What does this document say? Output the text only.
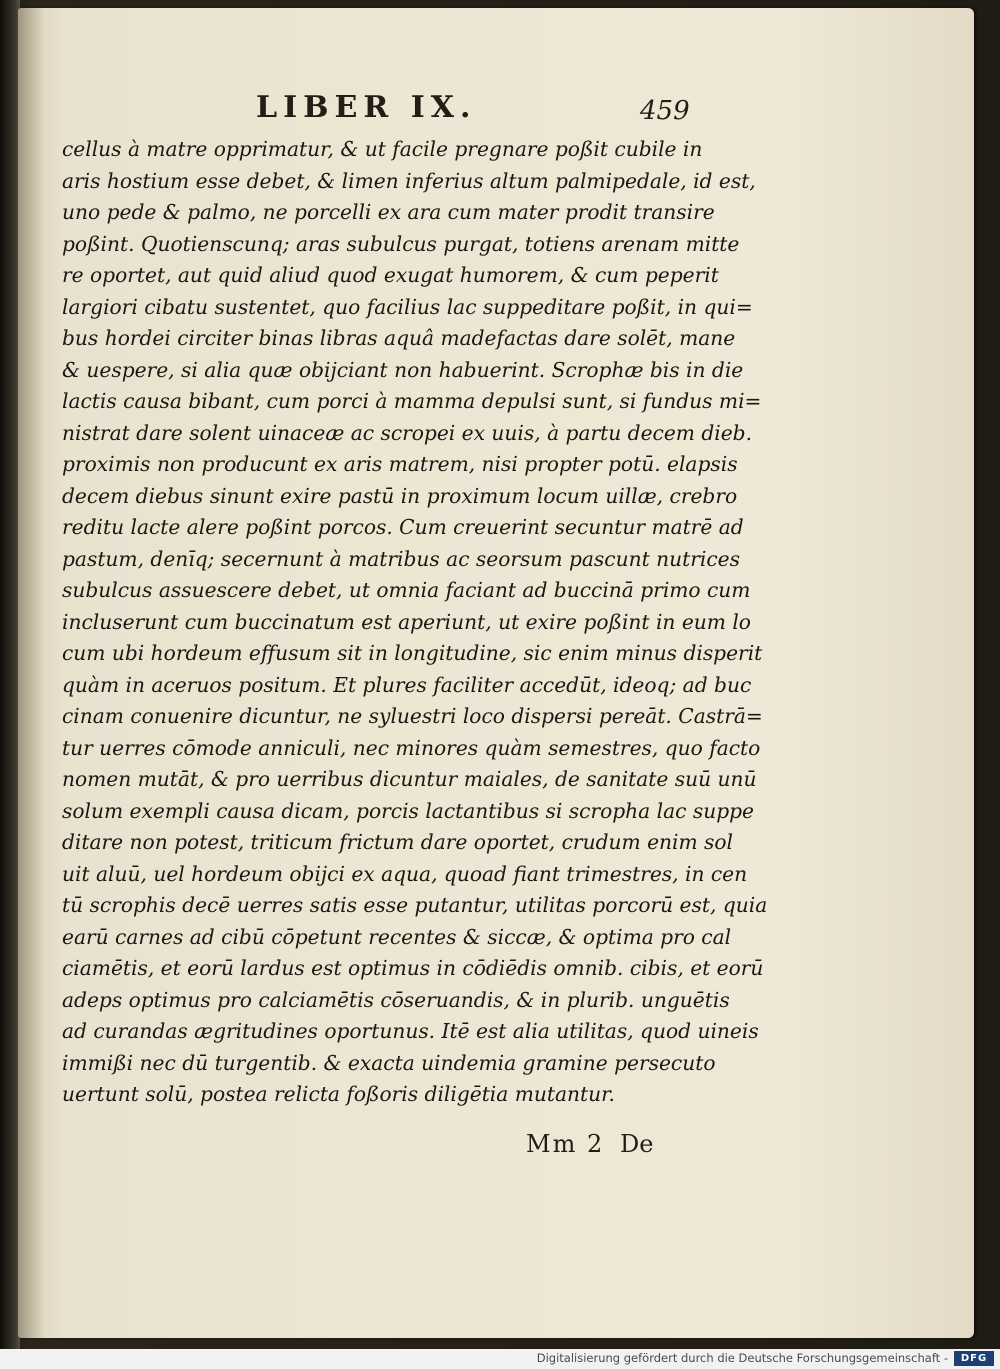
LIBER IX.	459
cellus à matre opprimatur, & ut facile pregnare poßit cubile in
aris hostium esse debet, & limen inferius altum palmipedale, id est,
uno pede & palmo, ne porcelli ex ara cum mater prodit transire
poßint. Quotienscunq; aras subulcus purgat, totiens arenam mitte
re oportet, aut quid aliud quod exugat humorem, & cum peperit
largiori cibatu sustentet, quo facilius lac suppeditare poßit, in qui=
bus hordei circiter binas libras aquâ madefactas dare solēt, mane
& uespere, si alia quæ obijciant non habuerint. Scrophæ bis in die
lactis causa bibant, cum porci à mamma depulsi sunt, si fundus mi=
nistrat dare solent uinaceæ ac scropei ex uuis, à partu decem dieb.
proximis non producunt ex aris matrem, nisi propter potū. elapsis
decem diebus sinunt exire pastū in proximum locum uillæ, crebro
reditu lacte alere poßint porcos. Cum creuerint secuntur matrē ad
pastum, denīq; secernunt à matribus ac seorsum pascunt nutrices
subulcus assuescere debet, ut omnia faciant ad buccinā primo cum
incluserunt cum buccinatum est aperiunt, ut exire poßint in eum lo
cum ubi hordeum effusum sit in longitudine, sic enim minus disperit
quàm in aceruos positum. Et plures faciliter accedūt, ideoq; ad buc
cinam conuenire dicuntur, ne syluestri loco dispersi pereāt. Castrā=
tur uerres cōmode anniculi, nec minores quàm semestres, quo facto
nomen mutāt, & pro uerribus dicuntur maiales, de sanitate suū unū
solum exempli causa dicam, porcis lactantibus si scropha lac suppe
ditare non potest, triticum frictum dare oportet, crudum enim sol
uit aluū, uel hordeum obijci ex aqua, quoad fiant trimestres, in cen
tū scrophis decē uerres satis esse putantur, utilitas porcorū est, quia
earū carnes ad cibū cōpetunt recentes & siccæ, & optima pro cal
ciamētis, et eorū lardus est optimus in cōdiēdis omnib. cibis, et eorū
adeps optimus pro calciamētis cōseruandis, & in plurib. unguētis
ad curandas ægritudines oportunus. Itē est alia utilitas, quod uineis
immißi nec dū turgentib. & exacta uindemia gramine persecuto
uertunt solū, postea relicta foßoris diligētia mutantur.
Mm 2 De
Digitalisierung gefördert durch die Deutsche Forschungsgemeinschaft -	DFG
